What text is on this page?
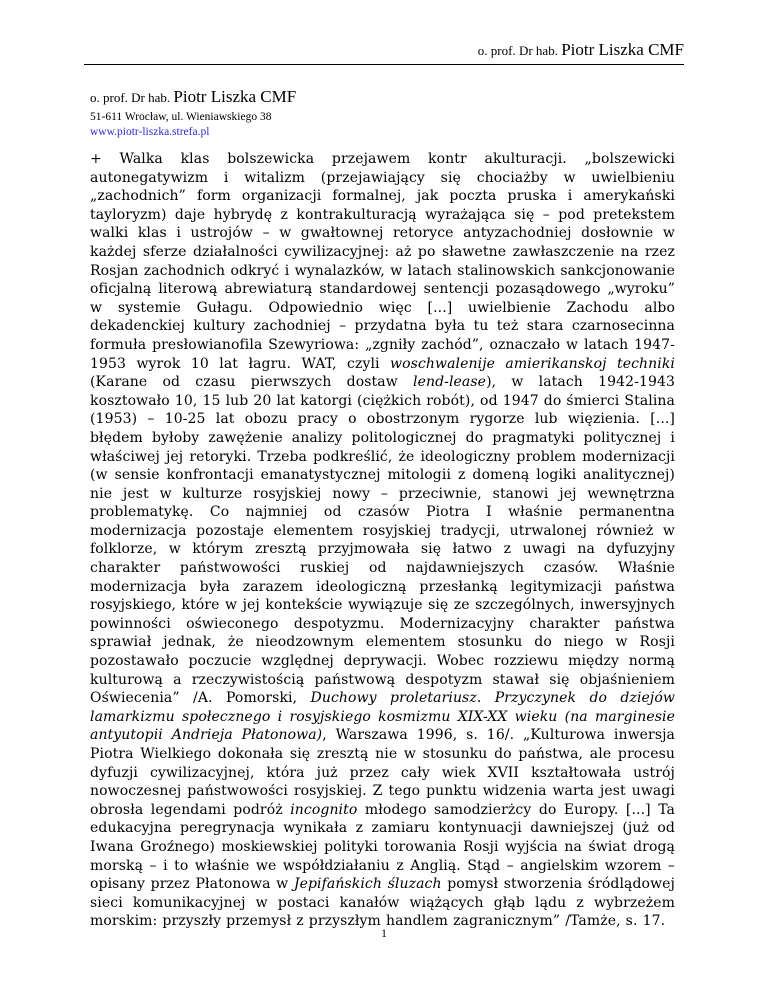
o. prof. Dr hab. Piotr Liszka CMF
o. prof. Dr hab. Piotr Liszka CMF
51-611 Wrocław, ul. Wieniawskiego 38
www.piotr-liszka.strefa.pl

+ Walka klas bolszewicka przejawem kontr akulturacji. „bolszewicki autonegatywizm i witalizm (przejawiający się chociażby w uwielbieniu „zachodnich” form organizacji formalnej, jak poczta pruska i amerykański tayloryzm) daje hybrydę z kontrakulturacją wyrażająca się – pod pretekstem walki klas i ustrojów – w gwałtownej retoryce antyzachodniej dosłownie w każdej sferze działalności cywilizacyjnej: aż po sławetne zawłaszczenie na rzez Rosjan zachodnich odkryć i wynalazków, w latach stalinowskich sankcjonowanie oficjalną literową abrewiaturą standardowej sentencji pozasądowego „wyroku” w systemie Gułagu. Odpowiednio więc [...] uwielbienie Zachodu albo dekadenckiej kultury zachodniej – przydatna była tu też stara czarnosecinna formuła presłowianofila Szewyriowa: „zgniły zachód”, oznaczało w latach 1947-1953 wyrok 10 lat łagru. WAT, czyli woschwalenije amierikanskoj techniki (Karane od czasu pierwszych dostaw lend-lease), w latach 1942-1943 kosztowało 10, 15 lub 20 lat katorgi (ciężkich robót), od 1947 do śmierci Stalina (1953) – 10-25 lat obozu pracy o obostrzonym rygorze lub więzienia. [...] błędem byłoby zawężenie analizy politologicznej do pragmatyki politycznej i właściwej jej retoryki. Trzeba podkreślić, że ideologiczny problem modernizacji (w sensie konfrontacji emanatystycznej mitologii z domeną logiki analitycznej) nie jest w kulturze rosyjskiej nowy – przeciwnie, stanowi jej wewnętrzna problematykę. Co najmniej od czasów Piotra I właśnie permanentna modernizacja pozostaje elementem rosyjskiej tradycji, utrwalonej również w folklorze, w którym zresztą przyjmowała się łatwo z uwagi na dyfuzyjny charakter państwowości ruskiej od najdawniejszych czasów. Właśnie modernizacja była zarazem ideologiczną przesłanką legitymizacji państwa rosyjskiego, które w jej kontekście wywiązuje się ze szczególnych, inwersyjnych powinności oświeconego despotyzmu. Modernizacyjny charakter państwa sprawiał jednak, że nieodzownym elementem stosunku do niego w Rosji pozostawało poczucie względnej deprywacji. Wobec rozziewu między normą kulturową a rzeczywistością państwową despotyzm stawał się objaśnieniem Oświecenia” /A. Pomorski, Duchowy proletariusz. Przyczynek do dziejów lamarkizmu społecznego i rosyjskiego kosmizmu XIX-XX wieku (na marginesie antyutopii Andrieja Płatonowa), Warszawa 1996, s. 16/. „Kulturowa inwersja Piotra Wielkiego dokonała się zresztą nie w stosunku do państwa, ale procesu dyfuzji cywilizacyjnej, która już przez cały wiek XVII kształtowała ustrój nowoczesnej państwowości rosyjskiej. Z tego punktu widzenia warta jest uwagi obrosła legendami podróż incognito młodego samodzierżcy do Europy. [...] Ta edukacyjna peregrynacja wynikała z zamiaru kontynuacji dawniejszej (już od Iwana Groźnego) moskiewskiej polityki torowania Rosji wyjścia na świat drogą morską – i to właśnie we współdziałaniu z Anglią. Stąd – angielskim wzorem – opisany przez Płatonowa w Jepifańskich śluzach pomysł stworzenia śródlądowej sieci komunikacyjnej w postaci kanałów wiążących głąb lądu z wybrzeżem morskim: przyszły przemysł z przyszłym handlem zagranicznym” /Tamże, s. 17.

1
